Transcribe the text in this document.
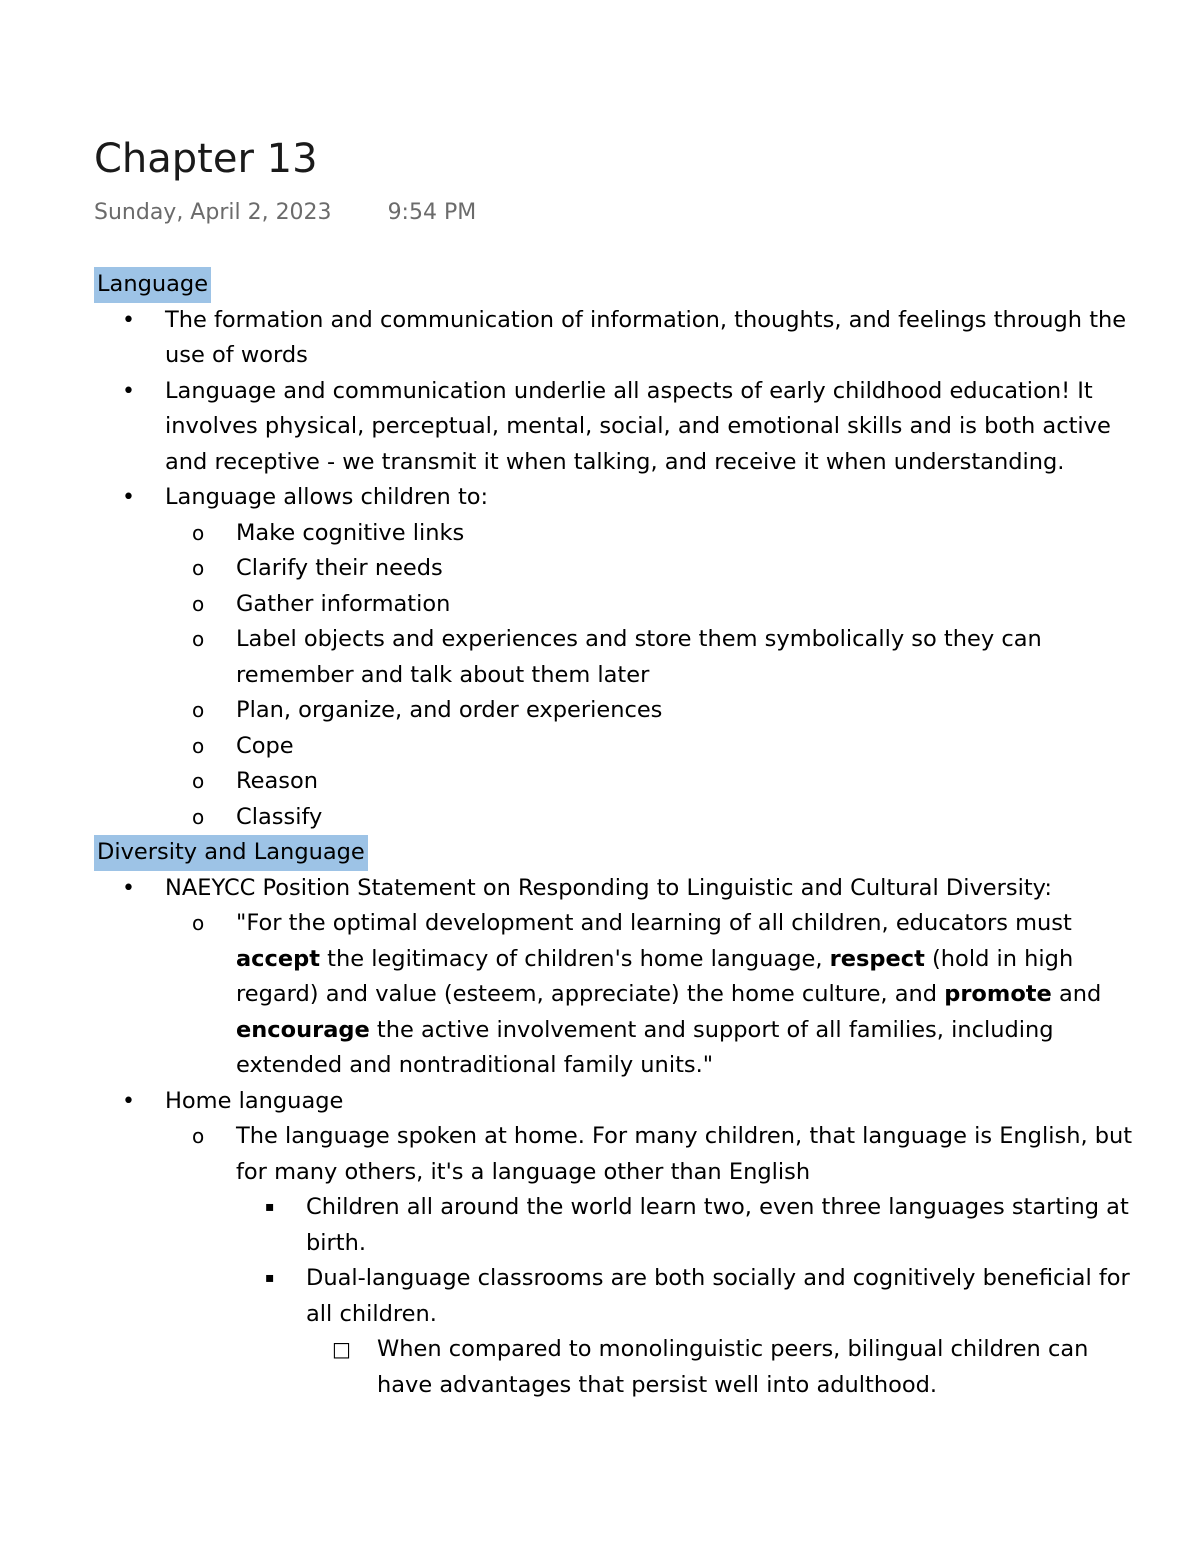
Chapter 13
Sunday, April 2, 2023	9:54 PM
Language
• The formation and communication of information, thoughts, and feelings through the use of words
• Language and communication underlie all aspects of early childhood education! It involves physical, perceptual, mental, social, and emotional skills and is both active and receptive - we transmit it when talking, and receive it when understanding.
• Language allows children to:
o Make cognitive links
o Clarify their needs
o Gather information
o Label objects and experiences and store them symbolically so they can remember and talk about them later
o Plan, organize, and order experiences
o Cope
o Reason
o Classify
Diversity and Language
• NAEYCC Position Statement on Responding to Linguistic and Cultural Diversity:
o "For the optimal development and learning of all children, educators must accept the legitimacy of children's home language, respect (hold in high regard) and value (esteem, appreciate) the home culture, and promote and encourage the active involvement and support of all families, including extended and nontraditional family units."
• Home language
o The language spoken at home. For many children, that language is English, but for many others, it's a language other than English
▪ Children all around the world learn two, even three languages starting at birth.
▪ Dual-language classrooms are both socially and cognitively beneficial for all children.
□ When compared to monolinguistic peers, bilingual children can have advantages that persist well into adulthood.
